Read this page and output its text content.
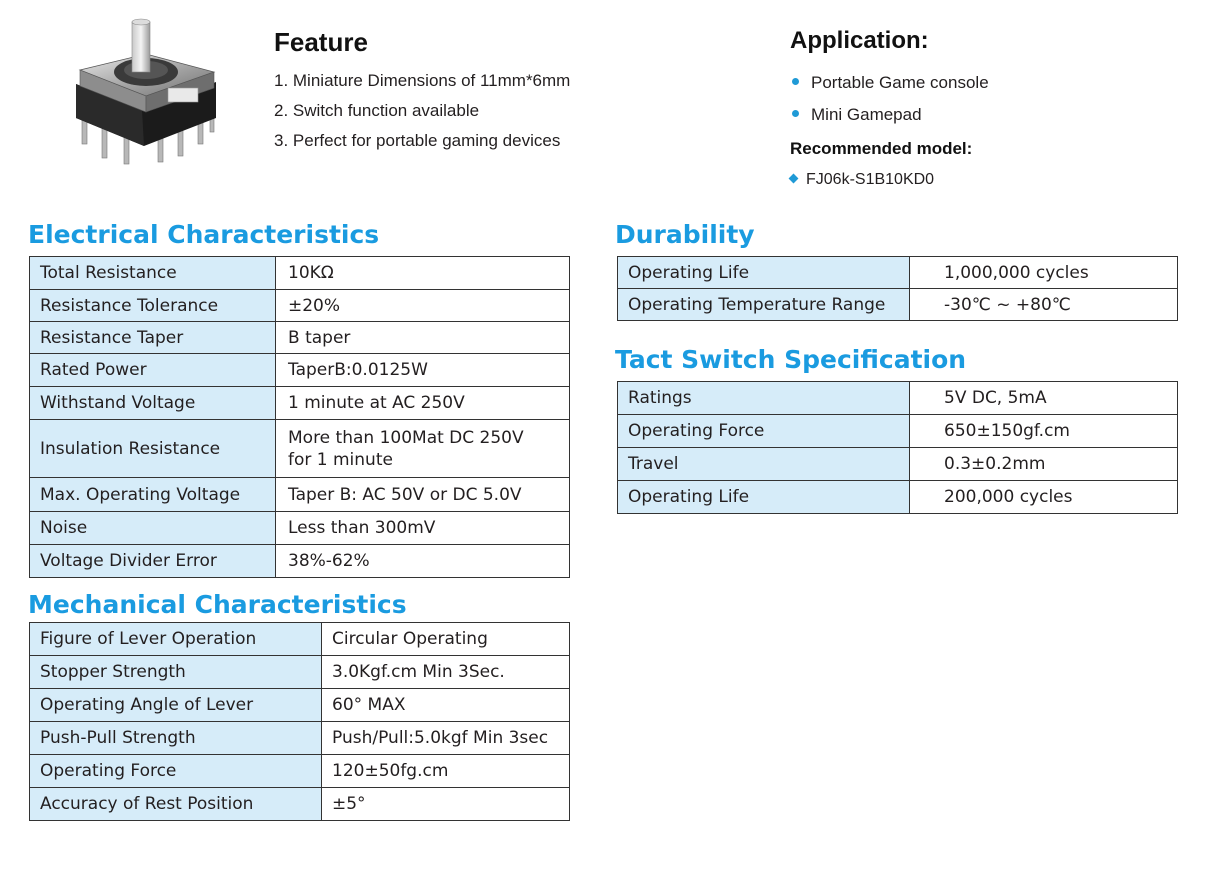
Feature
1. Miniature Dimensions of 11mm*6mm
2. Switch function available
3. Perfect for portable gaming devices
Application:
Portable Game console
Mini Gamepad
Recommended model:
FJ06k-S1B10KD0
Electrical Characteristics
Total Resistance	10KΩ
Resistance Tolerance	±20%
Resistance Taper	B taper
Rated Power	TaperB:0.0125W
Withstand Voltage	1 minute at AC 250V
Insulation Resistance	More than 100Mat DC 250V for 1 minute
Max. Operating Voltage	Taper B: AC 50V or DC 5.0V
Noise	Less than 300mV
Voltage Divider Error	38%-62%
Mechanical Characteristics
Figure of Lever Operation	Circular Operating
Stopper Strength	3.0Kgf.cm Min 3Sec.
Operating Angle of Lever	60° MAX
Push-Pull Strength	Push/Pull:5.0kgf Min 3sec
Operating Force	120±50fg.cm
Accuracy of Rest Position	±5°
Durability
Operating Life	1,000,000 cycles
Operating Temperature Range	-30℃ ~ +80℃
Tact Switch Specification
Ratings	5V DC, 5mA
Operating Force	650±150gf.cm
Travel	0.3±0.2mm
Operating Life	200,000 cycles
